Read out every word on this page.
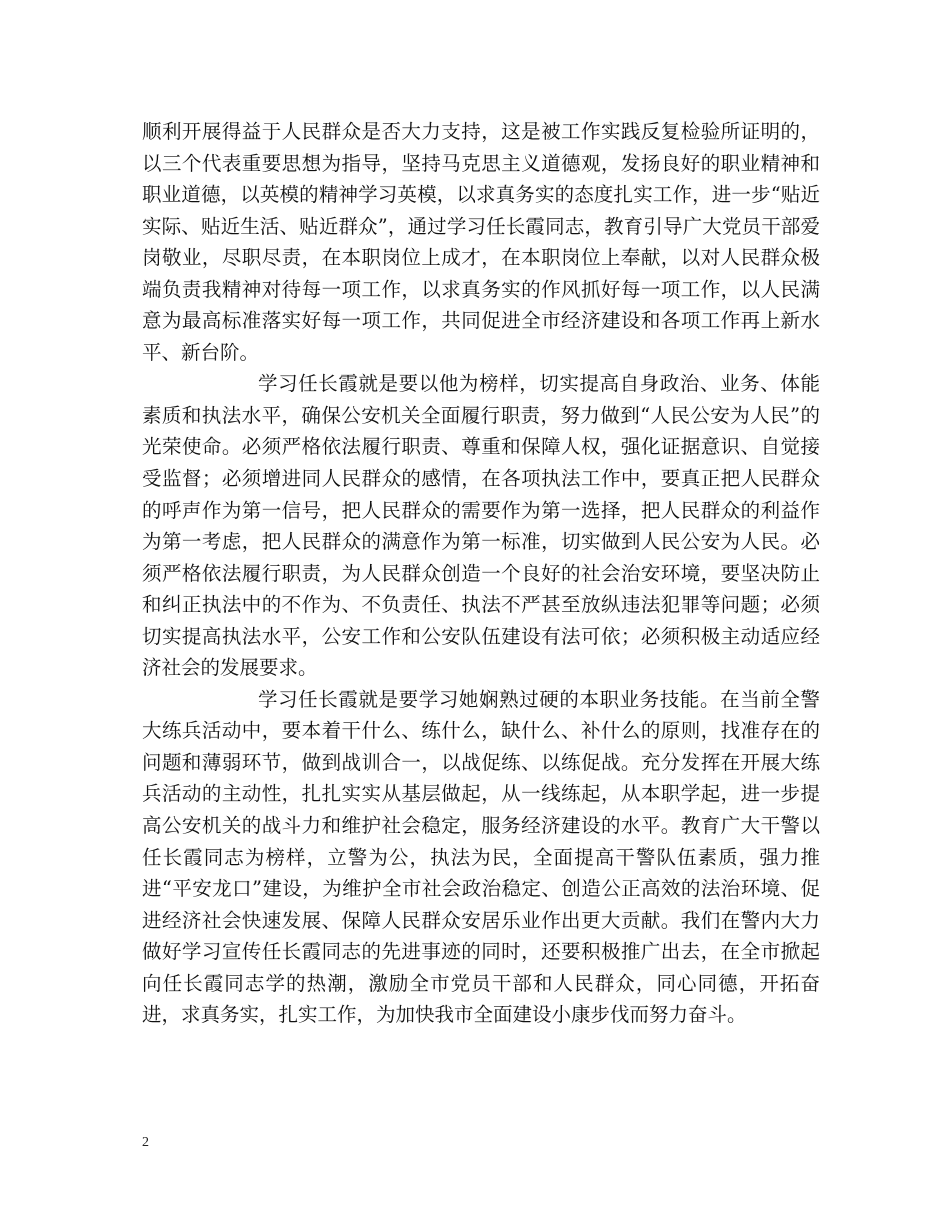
顺利开展得益于人民群众是否大力支持，这是被工作实践反复检验所证明的，以三个代表重要思想为指导，坚持马克思主义道德观，发扬良好的职业精神和职业道德，以英模的精神学习英模，以求真务实的态度扎实工作，进一步“贴近实际、贴近生活、贴近群众”，通过学习任长霞同志，教育引导广大党员干部爱岗敬业，尽职尽责，在本职岗位上成才，在本职岗位上奉献，以对人民群众极端负责我精神对待每一项工作，以求真务实的作风抓好每一项工作，以人民满意为最高标准落实好每一项工作，共同促进全市经济建设和各项工作再上新水平、新台阶。

学习任长霞就是要以他为榜样，切实提高自身政治、业务、体能素质和执法水平，确保公安机关全面履行职责，努力做到“人民公安为人民”的光荣使命。必须严格依法履行职责、尊重和保障人权，强化证据意识、自觉接受监督；必须增进同人民群众的感情，在各项执法工作中，要真正把人民群众的呼声作为第一信号，把人民群众的需要作为第一选择，把人民群众的利益作为第一考虑，把人民群众的满意作为第一标准，切实做到人民公安为人民。必须严格依法履行职责，为人民群众创造一个良好的社会治安环境，要坚决防止和纠正执法中的不作为、不负责任、执法不严甚至放纵违法犯罪等问题；必须切实提高执法水平，公安工作和公安队伍建设有法可依；必须积极主动适应经济社会的发展要求。

学习任长霞就是要学习她娴熟过硬的本职业务技能。在当前全警大练兵活动中，要本着干什么、练什么，缺什么、补什么的原则，找准存在的问题和薄弱环节，做到战训合一，以战促练、以练促战。充分发挥在开展大练兵活动的主动性，扎扎实实从基层做起，从一线练起，从本职学起，进一步提高公安机关的战斗力和维护社会稳定，服务经济建设的水平。教育广大干警以任长霞同志为榜样，立警为公，执法为民，全面提高干警队伍素质，强力推进“平安龙口”建设，为维护全市社会政治稳定、创造公正高效的法治环境、促进经济社会快速发展、保障人民群众安居乐业作出更大贡献。我们在警内大力做好学习宣传任长霞同志的先进事迹的同时，还要积极推广出去，在全市掀起向任长霞同志学的热潮，激励全市党员干部和人民群众，同心同德，开拓奋进，求真务实，扎实工作，为加快我市全面建设小康步伐而努力奋斗。

2
